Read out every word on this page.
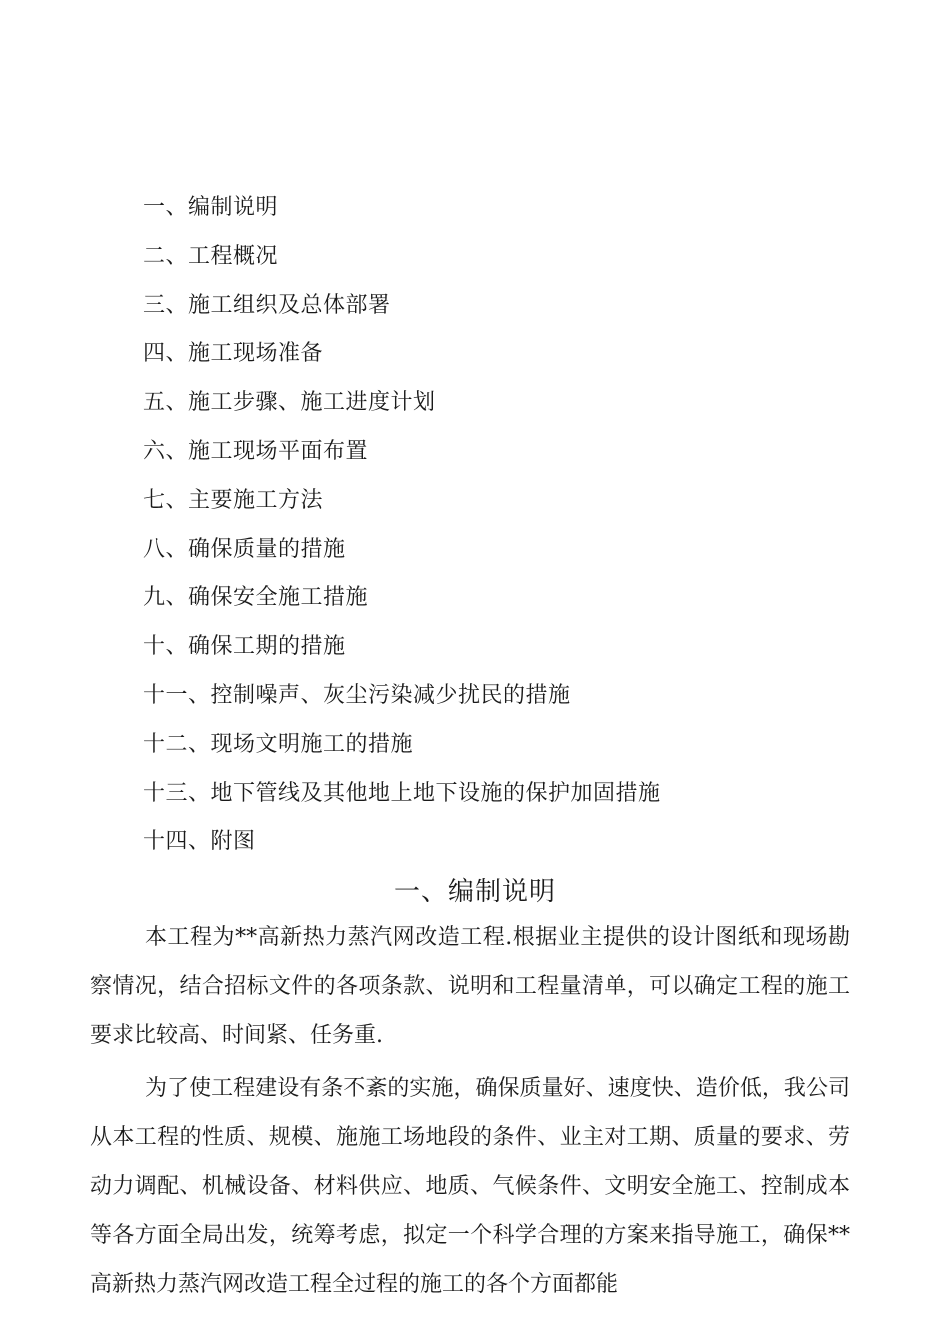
一、编制说明
二、工程概况
三、施工组织及总体部署
四、施工现场准备
五、施工步骤、施工进度计划
六、施工现场平面布置
七、主要施工方法
八、确保质量的措施
九、确保安全施工措施
十、确保工期的措施
十一、控制噪声、灰尘污染减少扰民的措施
十二、现场文明施工的措施
十三、地下管线及其他地上地下设施的保护加固措施
十四、附图
一、编制说明

本工程为**高新热力蒸汽网改造工程.根据业主提供的设计图纸和现场勘察情况，结合招标文件的各项条款、说明和工程量清单，可以确定工程的施工要求比较高、时间紧、任务重.

为了使工程建设有条不紊的实施，确保质量好、速度快、造价低，我公司从本工程的性质、规模、施施工场地段的条件、业主对工期、质量的要求、劳动力调配、机械设备、材料供应、地质、气候条件、文明安全施工、控制成本等各方面全局出发，统筹考虑，拟定一个科学合理的方案来指导施工，确保**高新热力蒸汽网改造工程全过程的施工的各个方面都能
